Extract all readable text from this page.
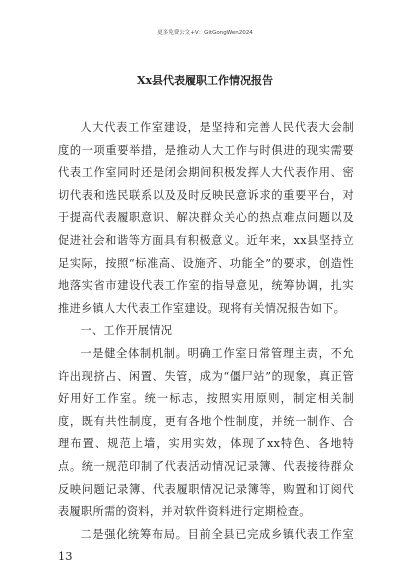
更多免费公文+V：GitGongWen2024
Xx县代表履职工作情况报告

人大代表工作室建设，是坚持和完善人民代表大会制度的一项重要举措，是推动人大工作与时俱进的现实需要代表工作室同时还是闭会期间积极发挥人大代表作用、密切代表和选民联系以及及时反映民意诉求的重要平台，对于提高代表履职意识、解决群众关心的热点难点问题以及促进社会和谐等方面具有积极意义。近年来，xx县坚持立足实际，按照“标准高、设施齐、功能全”的要求，创造性地落实省市建设代表工作室的指导意见，统筹协调，扎实推进乡镇人大代表工作室建设。现将有关情况报告如下。

一、工作开展情况

一是健全体制机制。明确工作室日常管理主责，不允许出现挤占、闲置、失管，成为“僵尸站”的现象，真正管好用好工作室。统一标志，按照实用原则，制定相关制度，既有共性制度，更有各地个性制度，并统一制作、合理布置、规范上墙，实用实效，体现了xx特色、各地特点。统一规范印制了代表活动情况记录簿、代表接待群众反映问题记录簿、代表履职情况记录簿等，购置和订阅代表履职所需的资料，并对软件资料进行定期检查。

二是强化统筹布局。目前全县已完成乡镇代表工作室13
